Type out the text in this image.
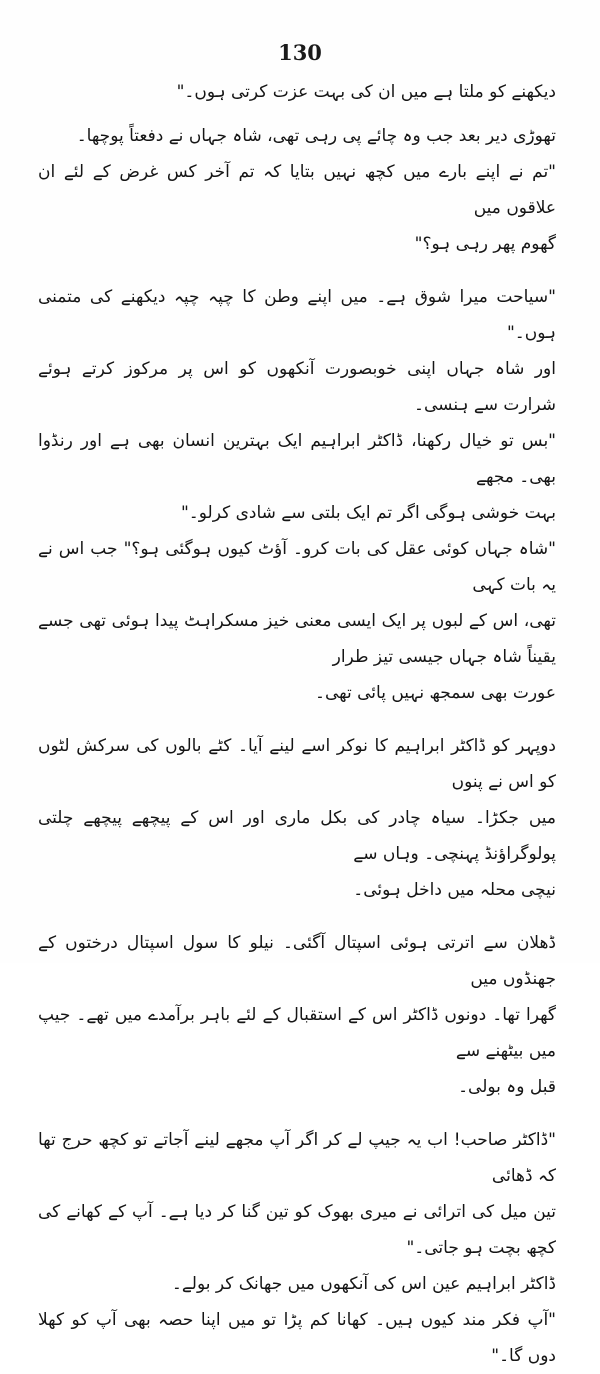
130

دیکھنے کو ملتا ہے میں ان کی بہت عزت کرتی ہوں۔"

تھوڑی دیر بعد جب وہ چائے پی رہی تھی، شاہ جہاں نے دفعتاً پوچھا۔

"تم نے اپنے بارے میں کچھ نہیں بتایا کہ تم آخر کس غرض کے لئے ان علاقوں میں
گھوم پھر رہی ہو؟"

"سیاحت میرا شوق ہے۔ میں اپنے وطن کا چپہ چپہ دیکھنے کی متمنی ہوں۔"

اور شاہ جہاں اپنی خوبصورت آنکھوں کو اس پر مرکوز کرتے ہوئے شرارت سے ہنسی۔

"بس تو خیال رکھنا، ڈاکٹر ابراہیم ایک بہترین انسان بھی ہے اور رنڈوا بھی۔ مجھے
بہت خوشی ہوگی اگر تم ایک بلتی سے شادی کرلو۔"

"شاہ جہاں کوئی عقل کی بات کرو۔ آؤٹ کیوں ہوگئی ہو؟" جب اس نے یہ بات کہی
تھی، اس کے لبوں پر ایک ایسی معنی خیز مسکراہٹ پیدا ہوئی تھی جسے یقیناً شاہ جہاں جیسی تیز طرار
عورت بھی سمجھ نہیں پائی تھی۔

دوپہر کو ڈاکٹر ابراہیم کا نوکر اسے لینے آیا۔ کٹے بالوں کی سرکش لٹوں کو اس نے پنوں
میں جکڑا۔ سیاہ چادر کی بکل ماری اور اس کے پیچھے پیچھے چلتی پولوگراؤنڈ پہنچی۔ وہاں سے
نیچی محلہ میں داخل ہوئی۔

ڈھلان سے اترتی ہوئی اسپتال آگئی۔ نیلو کا سول اسپتال درختوں کے جھنڈوں میں
گھرا تھا۔ دونوں ڈاکٹر اس کے استقبال کے لئے باہر برآمدے میں تھے۔ جیپ میں بیٹھنے سے
قبل وہ بولی۔

"ڈاکٹر صاحب! اب یہ جیپ لے کر اگر آپ مجھے لینے آجاتے تو کچھ حرج تھا کہ ڈھائی
تین میل کی اترائی نے میری بھوک کو تین گنا کر دیا ہے۔ آپ کے کھانے کی کچھ بچت ہو جاتی۔"

ڈاکٹر ابراہیم عین اس کی آنکھوں میں جھانک کر بولے۔

"آپ فکر مند کیوں ہیں۔ کھانا کم پڑا تو میں اپنا حصہ بھی آپ کو کھلا دوں گا۔"
